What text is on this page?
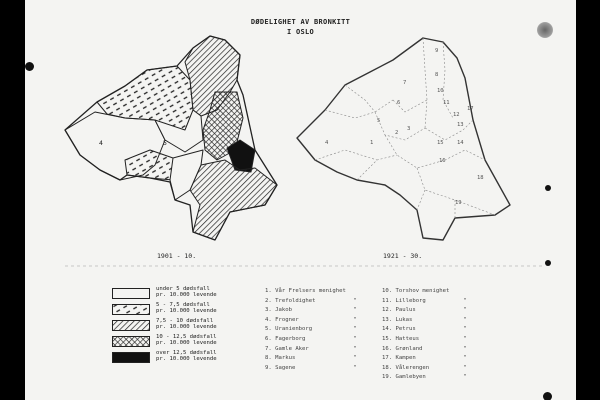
DØDELIGHET AV BRONKITT
I OSLO
4	5	1
2
3
4
5
6
7
8
9
10
11
12
13
14
15
16
17
18
19
1901 - 10.	1921 - 30.
under 5 dødsfall
pr. 10.000 levende
5 - 7,5 dødsfall
pr. 10.000 levende
7,5 - 10 dødsfall
pr. 10.000 levende
10 - 12,5 dødsfall
pr. 10.000 levende
over 12,5 dødsfall
pr. 10.000 levende
1. Vår Frelsers menighet
2. Trefoldighet	"
3. Jakob	"
4. Frogner	"
5. Uranienborg	"
6. Fagerborg	"
7. Gamle Aker	"
8. Markus	"
9. Sagene	"
10. Torshov menighet
11. Lilleborg	"
12. Paulus	"
13. Lukas	"
14. Petrus	"
15. Hatteus	"
16. Grønland	"
17. Kampen	"
18. Vålerengen	"
19. Gamlebyen	"
